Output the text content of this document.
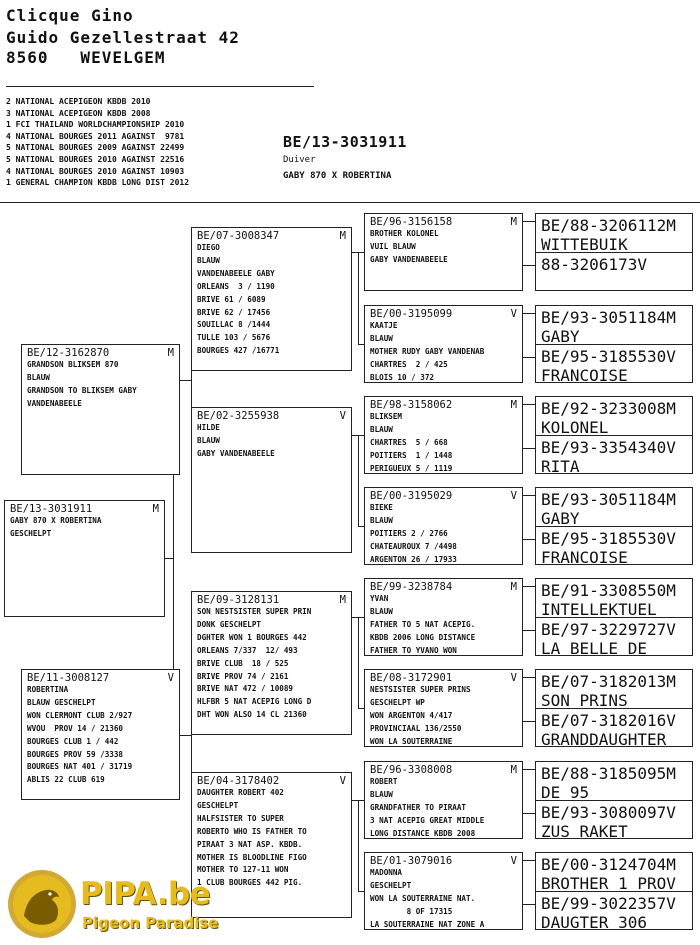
Clicque Gino
Guido Gezellestraat 42
8560   WEVELGEM
2 NATIONAL ACEPIGEON KBDB 2010
3 NATIONAL ACEPIGEON KBDB 2008
1 FCI THAILAND WORLDCHAMPIONSHIP 2010
4 NATIONAL BOURGES 2011 AGAINST  9781
5 NATIONAL BOURGES 2009 AGAINST 22499
5 NATIONAL BOURGES 2010 AGAINST 22516
4 NATIONAL BOURGES 2010 AGAINST 10903
1 GENERAL CHAMPION KBDB LONG DIST 2012
BE/13-3031911
Duiver
GABY 870 X ROBERTINA
BE/13-3031911	M
GABY 870 X ROBERTINA
GESCHELPT
BE/12-3162870	M
GRANDSON BLIKSEM 870
BLAUW
GRANDSON TO BLIKSEM GABY
VANDENABEELE
BE/11-3008127	V
ROBERTINA
BLAUW GESCHELPT
WON CLERMONT CLUB 2/927
WVOU  PROV 14 / 21360
BOURGES CLUB 1 / 442
BOURGES PROV 59 /3338
BOURGES NAT 401 / 31719
ABLIS 22 CLUB 619
BE/07-3008347	M
DIEGO
BLAUW
VANDENABEELE GABY
ORLEANS  3 / 1190
BRIVE 61 / 6089
BRIVE 62 / 17456
SOUILLAC 8 /1444
TULLE 103 / 5676
BOURGES 427 /16771
BE/02-3255938	V
HILDE
BLAUW
GABY VANDENABEELE
BE/09-3128131	M
SON NESTSISTER SUPER PRIN
DONK GESCHELPT
DGHTER WON 1 BOURGES 442
ORLEANS 7/337  12/ 493
BRIVE CLUB  18 / 525
BRIVE PROV 74 / 2161
BRIVE NAT 472 / 10089
HLFBR 5 NAT ACEPIG LONG D
DHT WON ALSO 14 CL 21360
BE/04-3178402	V
DAUGHTER ROBERT 402
GESCHELPT
HALFSISTER TO SUPER
ROBERTO WHO IS FATHER TO
PIRAAT 3 NAT ASP. KBDB.
MOTHER IS BLOODLINE FIGO
MOTHER TO 127-11 WON
1 CLUB BOURGES 442 PIG.
BE/96-3156158	M
BROTHER KOLONEL
VUIL BLAUW
GABY VANDENABEELE
BE/00-3195099	V
KAATJE
BLAUW
MOTHER RUDY GABY VANDENAB
CHARTRES  2 / 425
BLOIS 10 / 372
BE/98-3158062	M
BLIKSEM
BLAUW
CHARTRES  5 / 668
POITIERS  1 / 1448
PERIGUEUX 5 / 1119
BE/00-3195029	V
BIEKE
BLAUW
POITIERS 2 / 2766
CHATEAUROUX 7 /4498
ARGENTON 26 / 17933
BE/99-3238784	M
YVAN
BLAUW
FATHER TO 5 NAT ACEPIG.
KBDB 2006 LONG DISTANCE
FATHER TO YVANO WON
BE/08-3172901	V
NESTSISTER SUPER PRINS
GESCHELPT WP
WON ARGENTON 4/417
PROVINCIAAL 136/2550
WON LA SOUTERRAINE
BE/96-3308008	M
ROBERT
BLAUW
GRANDFATHER TO PIRAAT
3 NAT ACEPIG GREAT MIDDLE
LONG DISTANCE KBDB 2008
BE/01-3079016	V
MADONNA
GESCHELPT
WON LA SOUTERRAINE NAT.
8 OF 17315
LA SOUTERRAINE NAT ZONE A
BE/88-3206112M
WITTEBUIK
88-3206173V
BE/93-3051184M
GABY
BE/95-3185530V
FRANCOISE
BE/92-3233008M
KOLONEL
BE/93-3354340V
RITA
BE/93-3051184M
GABY
BE/95-3185530V
FRANCOISE
BE/91-3308550M
INTELLEKTUEL
BE/97-3229727V
LA BELLE DE
BE/07-3182013M
SON PRINS
BE/07-3182016V
GRANDDAUGHTER
BE/88-3185095M
DE 95
BE/93-3080097V
ZUS RAKET
BE/00-3124704M
BROTHER 1 PROV
BE/99-3022357V
DAUGTER 306
PIPA.be
Pigeon Paradise
